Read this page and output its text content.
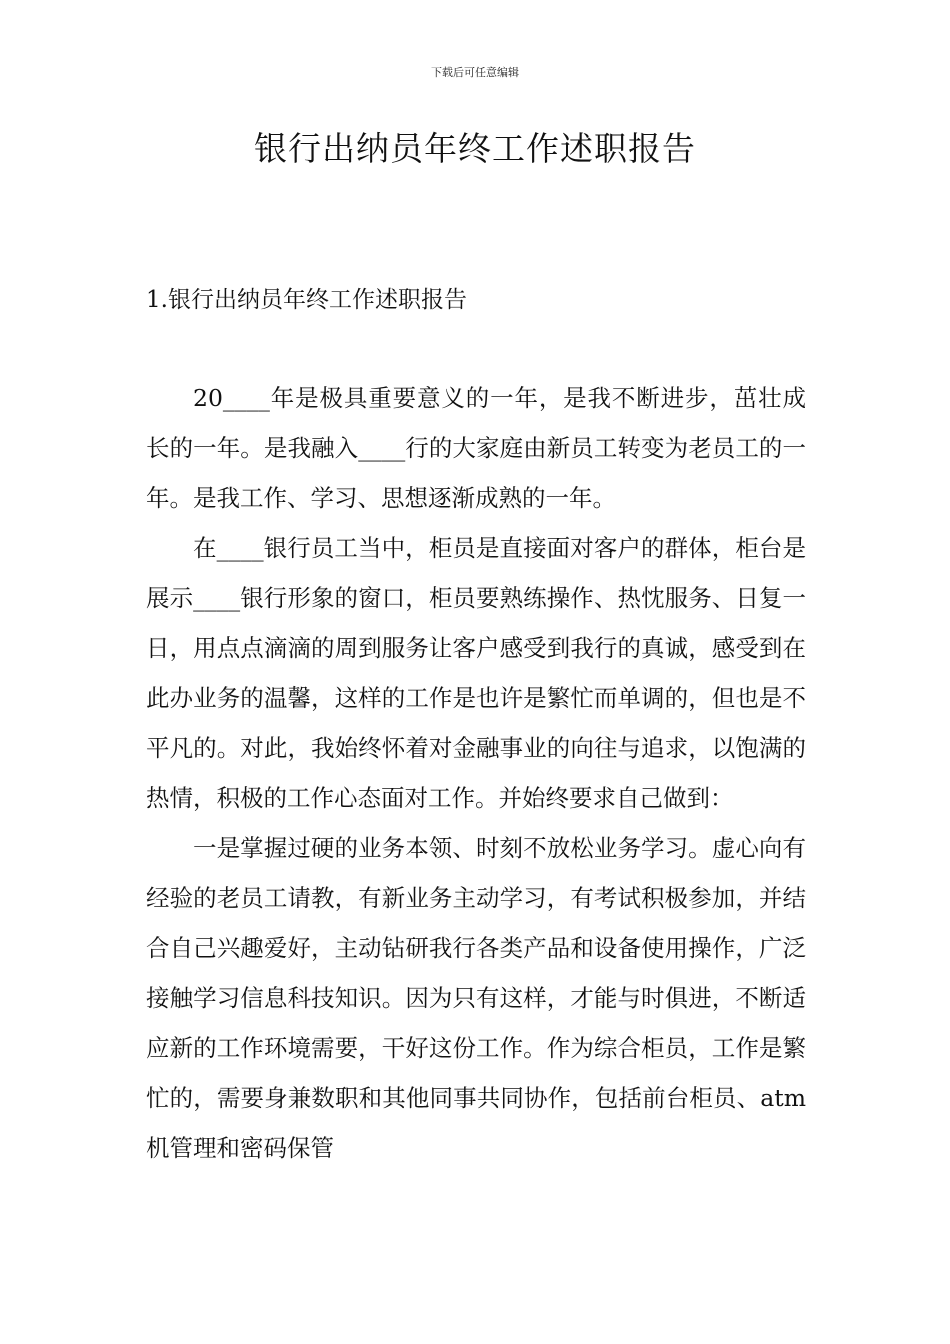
下载后可任意编辑
银行出纳员年终工作述职报告
1.银行出纳员年终工作述职报告

20____年是极具重要意义的一年，是我不断进步，茁壮成长的一年。是我融入____行的大家庭由新员工转变为老员工的一年。是我工作、学习、思想逐渐成熟的一年。

在____银行员工当中，柜员是直接面对客户的群体，柜台是展示____银行形象的窗口，柜员要熟练操作、热忱服务、日复一日，用点点滴滴的周到服务让客户感受到我行的真诚，感受到在此办业务的温馨，这样的工作是也许是繁忙而单调的，但也是不平凡的。对此，我始终怀着对金融事业的向往与追求，以饱满的热情，积极的工作心态面对工作。并始终要求自己做到：

一是掌握过硬的业务本领、时刻不放松业务学习。虚心向有经验的老员工请教，有新业务主动学习，有考试积极参加，并结合自己兴趣爱好，主动钻研我行各类产品和设备使用操作，广泛接触学习信息科技知识。因为只有这样，才能与时俱进，不断适应新的工作环境需要，干好这份工作。作为综合柜员，工作是繁忙的，需要身兼数职和其他同事共同协作，包括前台柜员、atm机管理和密码保管
